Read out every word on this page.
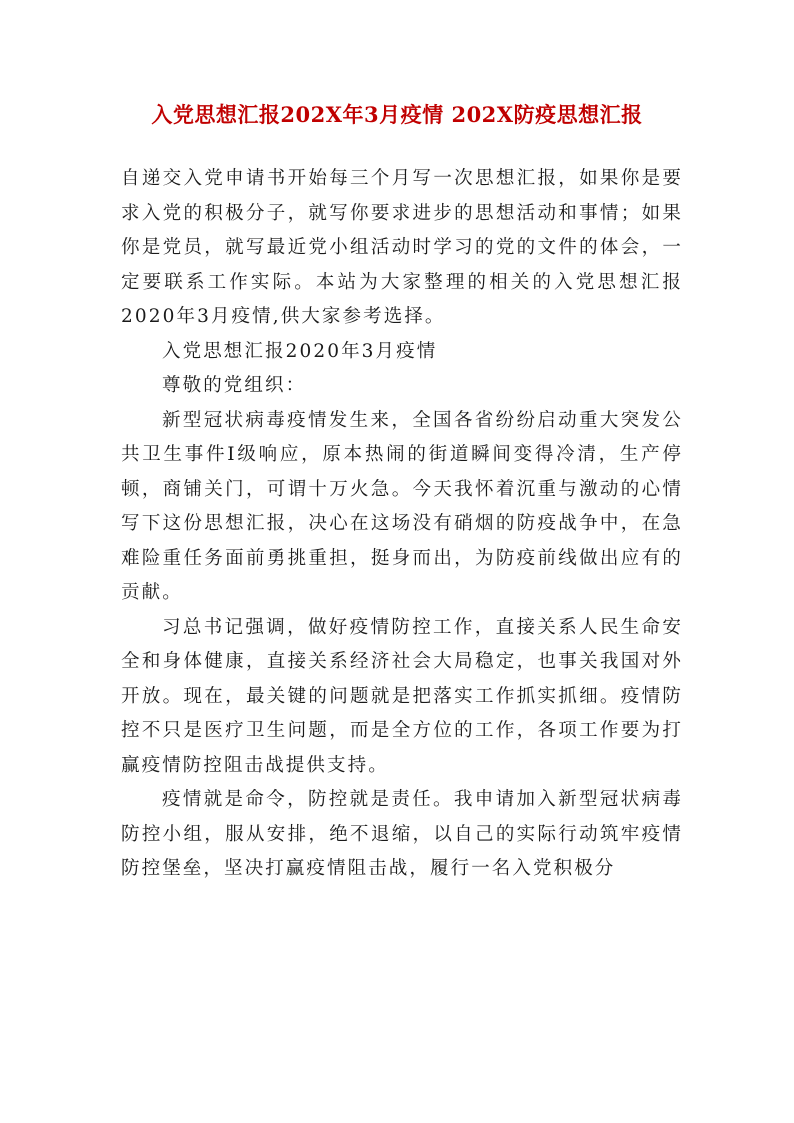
入党思想汇报202X年3月疫情 202X防疫思想汇报

自递交入党申请书开始每三个月写一次思想汇报，如果你是要求入党的积极分子，就写你要求进步的思想活动和事情；如果你是党员，就写最近党小组活动时学习的党的文件的体会，一定要联系工作实际。本站为大家整理的相关的入党思想汇报2020年3月疫情,供大家参考选择。

入党思想汇报2020年3月疫情

尊敬的党组织：

新型冠状病毒疫情发生来，全国各省纷纷启动重大突发公共卫生事件I级响应，原本热闹的街道瞬间变得冷清，生产停顿，商铺关门，可谓十万火急。今天我怀着沉重与激动的心情写下这份思想汇报，决心在这场没有硝烟的防疫战争中，在急难险重任务面前勇挑重担，挺身而出，为防疫前线做出应有的贡献。

习总书记强调，做好疫情防控工作，直接关系人民生命安全和身体健康，直接关系经济社会大局稳定，也事关我国对外开放。现在，最关键的问题就是把落实工作抓实抓细。疫情防控不只是医疗卫生问题，而是全方位的工作，各项工作要为打赢疫情防控阻击战提供支持。

疫情就是命令，防控就是责任。我申请加入新型冠状病毒防控小组，服从安排，绝不退缩，以自己的实际行动筑牢疫情防控堡垒，坚决打赢疫情阻击战，履行一名入党积极分
